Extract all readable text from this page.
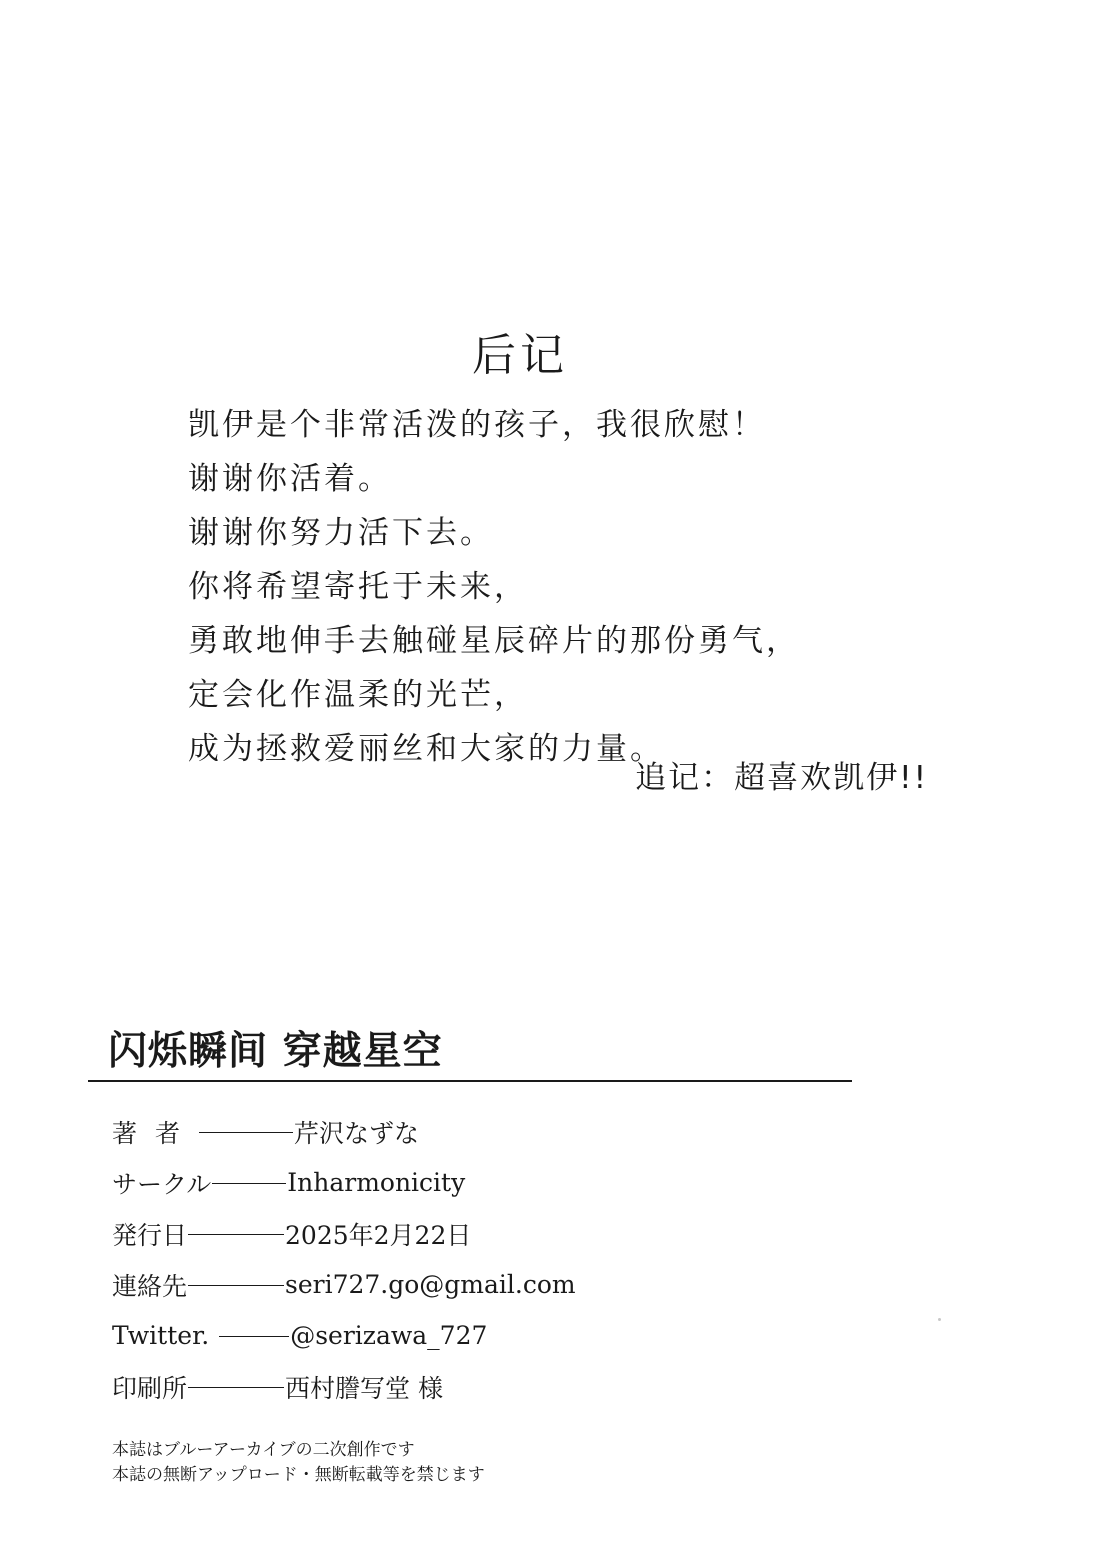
后记
凯伊是个非常活泼的孩子，我很欣慰！
谢谢你活着。
谢谢你努力活下去。
你将希望寄托于未来，
勇敢地伸手去触碰星辰碎片的那份勇气，
定会化作温柔的光芒，
成为拯救爱丽丝和大家的力量。
追记：超喜欢凯伊!!
闪烁瞬间 穿越星空
著者	芹沢なずな
サークル	Inharmonicity
発行日	2025年2月22日
連絡先	seri727.go@gmail.com
Twitter.	@serizawa_727
印刷所	西村謄写堂 様
本誌はブルーアーカイブの二次創作です
本誌の無断アップロード・無断転載等を禁じます
